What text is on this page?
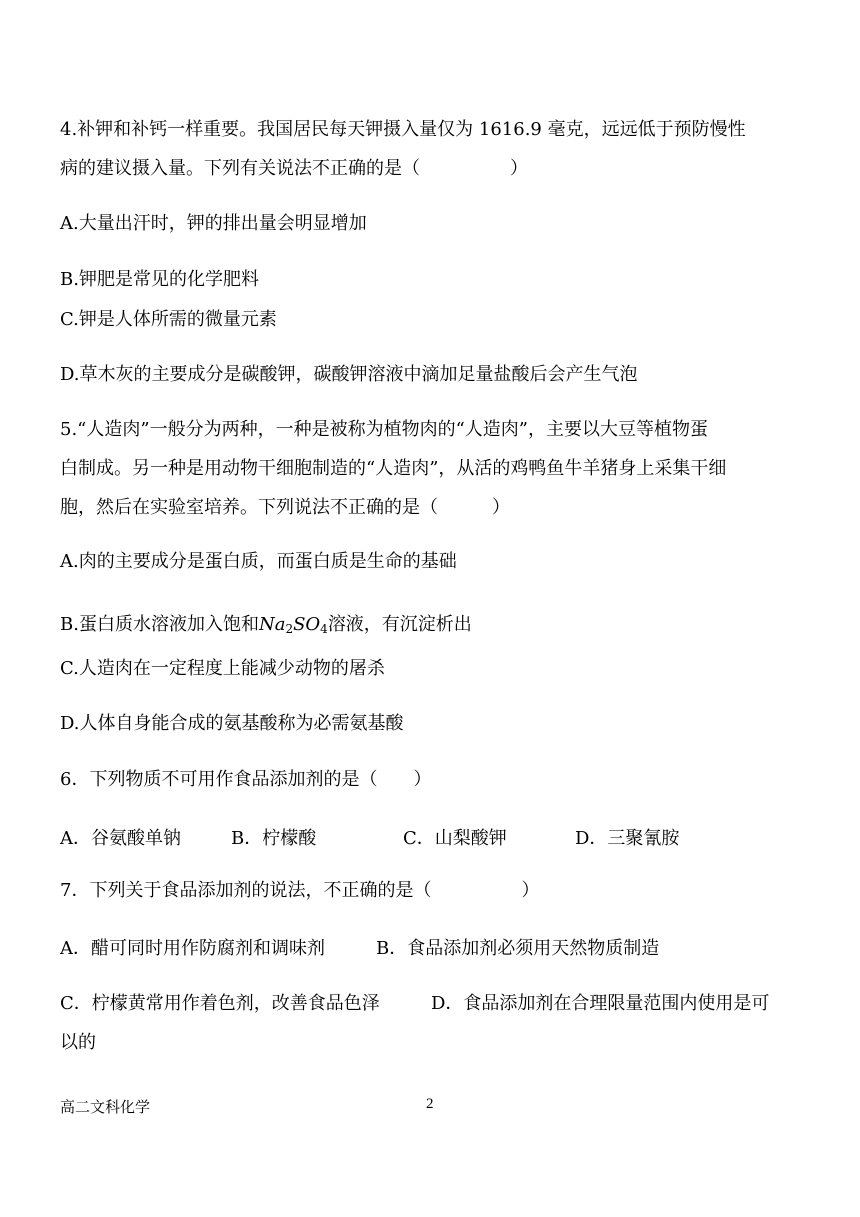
4.补钾和补钙一样重要。我国居民每天钾摄入量仅为 1616.9 毫克，远远低于预防慢性
病的建议摄入量。下列有关说法不正确的是（　　　　　）
A.大量出汗时，钾的排出量会明显增加
B.钾肥是常见的化学肥料
C.钾是人体所需的微量元素
D.草木灰的主要成分是碳酸钾，碳酸钾溶液中滴加足量盐酸后会产生气泡
5.“人造肉”一般分为两种，一种是被称为植物肉的“人造肉”，主要以大豆等植物蛋
白制成。另一种是用动物干细胞制造的“人造肉”，从活的鸡鸭鱼牛羊猪身上采集干细
胞，然后在实验室培养。下列说法不正确的是（　　　）
A.肉的主要成分是蛋白质，而蛋白质是生命的基础
B.蛋白质水溶液加入饱和$Na_2SO_4$溶液，有沉淀析出
C.人造肉在一定程度上能减少动物的屠杀
D.人体自身能合成的氨基酸称为必需氨基酸
6．下列物质不可用作食品添加剂的是（　　）
A．谷氨酸单钠	B．柠檬酸	C．山梨酸钾	D．三聚氰胺
7．下列关于食品添加剂的说法，不正确的是（　　　　　）
A．醋可同时用作防腐剂和调味剂	B．食品添加剂必须用天然物质制造
C．柠檬黄常用作着色剂，改善食品色泽	D．食品添加剂在合理限量范围内使用是可
以的
高二文科化学	2
